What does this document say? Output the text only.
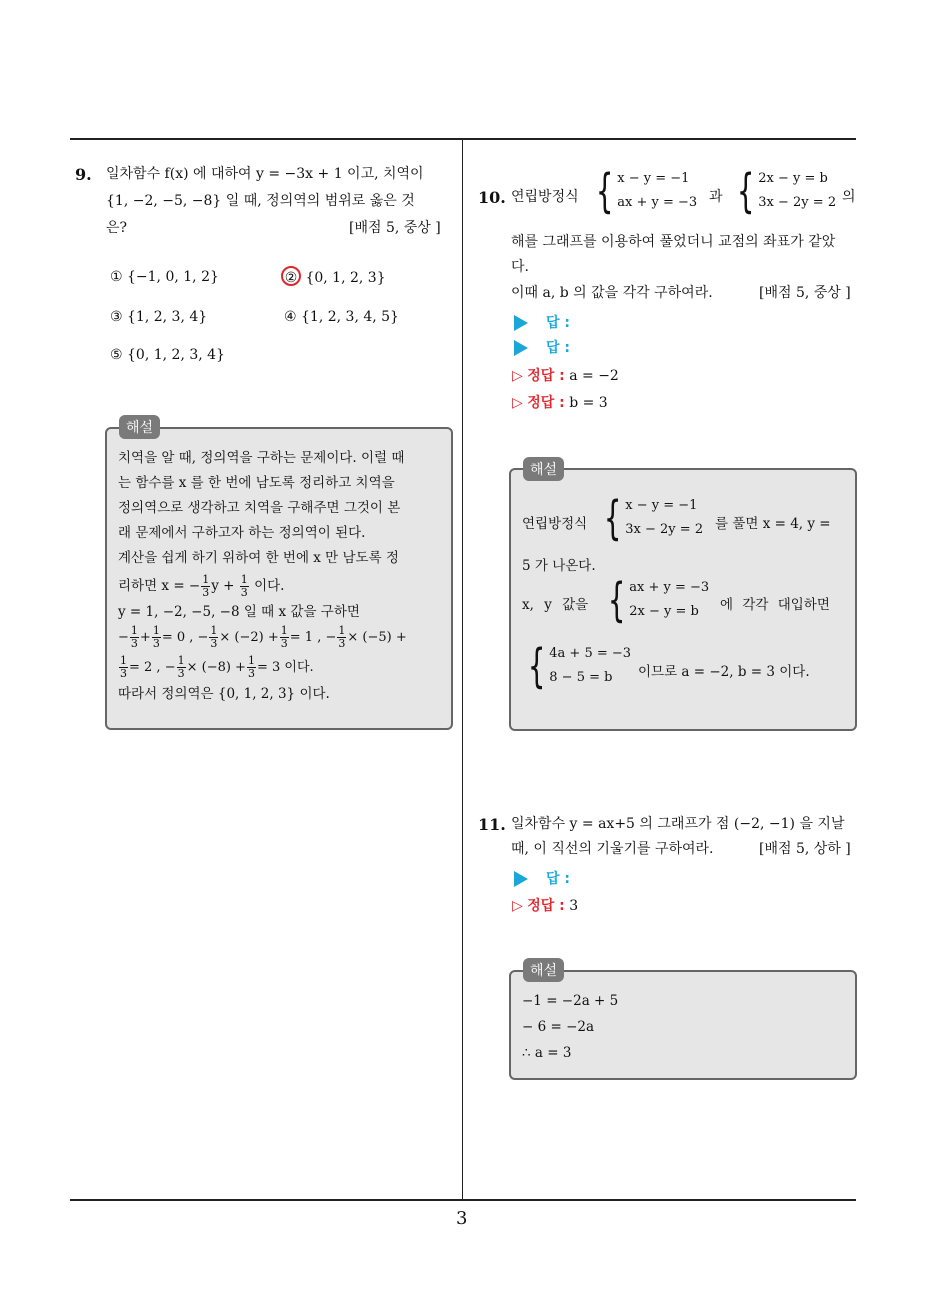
3
9. 일차함수 f(x) 에 대하여 y = −3x + 1 이고, 치역이
{1, −2, −5, −8} 일 때, 정의역의 범위로 옳은 것
은?	[배점 5, 중상 ]
① {−1, 0, 1, 2}	② {0, 1, 2, 3}
③ {1, 2, 3, 4}	④ {1, 2, 3, 4, 5}
⑤ {0, 1, 2, 3, 4}
해설
치역을 알 때, 정의역을 구하는 문제이다. 이럴 때
는 함수를 x 를 한 번에 남도록 정리하고 치역을
정의역으로 생각하고 치역을 구해주면 그것이 본
래 문제에서 구하고자 하는 정의역이 된다.
계산을 쉽게 하기 위하여 한 번에 x 만 남도록 정
리하면 x = − $\frac{1}{3}$ $y + \frac{1}{3}$ 이다.
y = 1, −2, −5, −8 일 때 x 값을 구하면
− $\frac{1}{3} + \frac{1}{3} = 0$ , − $\frac{1}{3} \times (-2) + \frac{1}{3} = 1$ , − $\frac{1}{3} \times (-5)$ +
$\frac{1}{3} = 2$ , − $\frac{1}{3} \times (-8) + \frac{1}{3} = 3$ 이다.
따라서 정의역은 {0, 1, 2, 3} 이다.
10. 연립방정식 { x − y = −1
ax + y = −3 과 { 2x − y = b
3x − 2y = 2 의
해를 그래프를 이용하여 풀었더니 교점의 좌표가 같았
다.
이때 a, b 의 값을 각각 구하여라.	[배점 5, 중상 ]
답 :
답 :
▷ 정답 : a = −2
▷ 정답 : b = 3
해설
연립방정식 { x − y = −1
3x − 2y = 2 를 풀면 x = 4, y =
5 가 나온다.
x, y 값을 { ax + y = −3
2x − y = b	에 각각 대입하면
{ 4a + 5 = −3
8 − 5 = b	이므로 a = −2, b = 3 이다.
11. 일차함수 y = ax+5 의 그래프가 점 (−2, −1) 을 지날
때, 이 직선의 기울기를 구하여라.	[배점 5, 상하 ]
답 :
▷ 정답 : 3
해설
−1 = −2a + 5
− 6 = −2a
∴ a = 3
